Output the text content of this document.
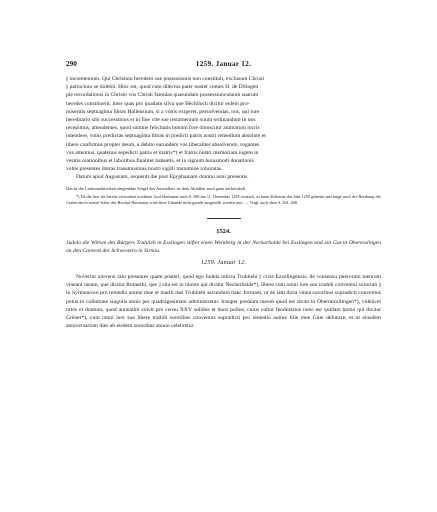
290	1259. Januar 12.

|| incrementum. Qui Christum heredem sue possessionis non constituit, exclusum Christi

|| patrocinio se dolebit. Hinc est, quod cum dilectus pater noster comes H. de Dilingen

pie recordationis in Christo vos Christi famulas quarundam possessiunculaum suarum

heredes constituerit, inter quas pro quadam silva que Bĕchiloch dicitur eidem pro-

miseritis septuaginta libras Hallensium, si a vobis exigeret, persolvendas, nos, qui iure

hereditario sibi successimus et in fine vite sue testamentum suum ordinandum in nos

recepimus, attendentes, quod summe felicitatis bonum fore dinoscitur animarum lucris

intendere, vobis predictas septuaginta libras in predicti patris nostri remedium absolute et

libere confirmus propter deum, a debito earundem vos liberaliter absolvendo, rogantes

vos attentius, quatenus sepedicti patris et matris*) et fratris nostri memoriam iugem in

vestris orationibus et laboribus finaliter habeatis, et in signum huiusmodi donationis

vobis presentes literas transmisimus nostri sigilli munimine roboratas.

Datum apud Augustam, sequenti die post Epyphaniam domini anni presentis.

Das in die Leinwandstücken eingenähte Siegel des Ausstellers ist dem Abfallen nach ganz zerbröckelt.

*) Da der hier als bereits verstorben erwähnte Graf Hartmann nach S. 280 am 11. Dezember 1258 verstarb, so kann Stifterinn das Jahr 1259 gemeint und lange nach der Beerbung des Grafen durch seinen Sohn, den Bischof Hartmann, wird diese Urkunde nicht gerade ausgestellt worden sein. — Vergl. auch oben S. 261. 268.

1524.

Judela die Wittwe des Bürgers Truhlieb in Esslingen stiftet einen Weinberg in der Neckarhalde bei Esslingen und ein Gut in Oberesslingen an den Convent der Schwestern in Sirnau.

1259. Januar 12.

Noverint universi tam presentes quam posteri, quod ego Iudela relicta Truhliebi || civis Ezzelingensis, de consensu puerorum meorum vineam meam, que dicitur Rumeshi, que || sita est in monte qui dicitur Necherhalde*), libere cum omni iure suo tradidi conventui sororum || in Syrmenowe pro remedio anime mee et mariti mei Truhliebi secundum hanc formam, ut de iam dicta vinea sororibus supradicti conventus potus in collatione singulis annis per quadragesimam administretur. Insuper predium meum quod est situm in Obernezzilingen*), videlicet ortos et domum, quod annuatim solvit pro censu XXV solidos et duos pullos, cuius cultor feodotarius nunc est quidam homo qui dicitur Grĕner*), cum omni iure suo libere tradidi sororibus conventus supradicti pro remedio anime filie mee Gute defuncte, et ut eiusdem anniversarium dies ab eisdem sororibus annuo celebretur.
